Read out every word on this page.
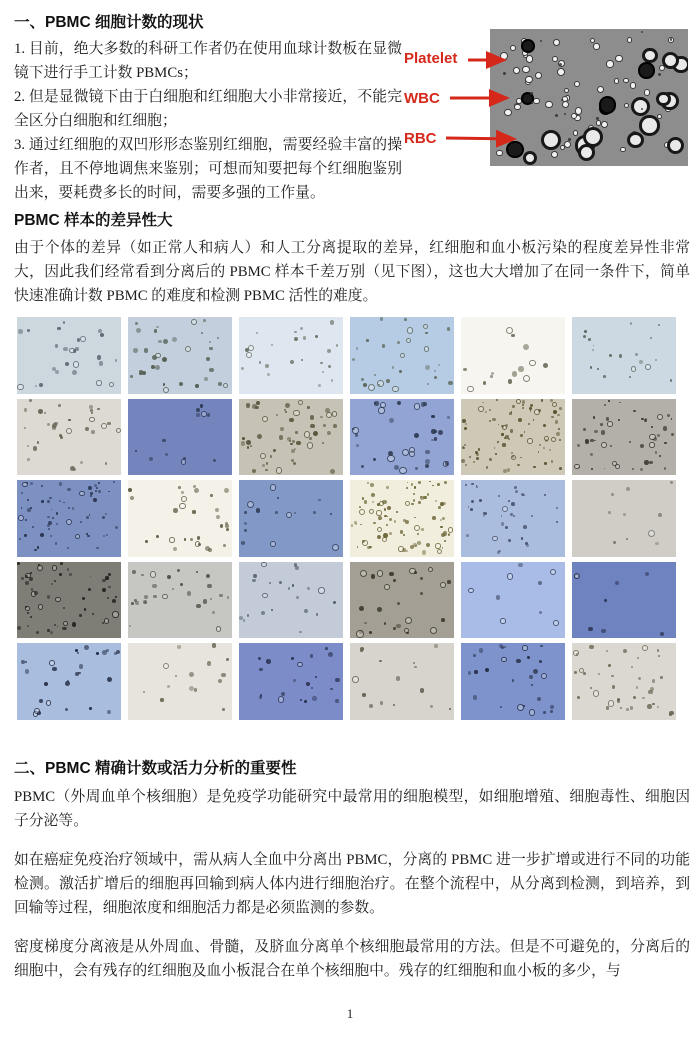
一、PBMC 细胞计数的现状
1. 目前，绝大多数的科研工作者仍在使用血球计数板在显微镜下进行手工计数 PBMCs；
2. 但是显微镜下由于白细胞和红细胞大小非常接近，不能完全区分白细胞和红细胞；
3. 通过红细胞的双凹形形态鉴别红细胞，需要经验丰富的操作者，且不停地调焦来鉴别；可想而知要把每个红细胞鉴别出来，要耗费多长的时间，需要多强的工作量。
Platelet
WBC
RBC
PBMC 样本的差异性大
由于个体的差异（如正常人和病人）和人工分离提取的差异，红细胞和血小板污染的程度差异性非常大，因此我们经常看到分离后的 PBMC 样本千差万别（见下图），这也大大增加了在同一条件下，简单快速准确计数 PBMC 的难度和检测 PBMC 活性的难度。
二、PBMC 精确计数或活力分析的重要性

PBMC（外周血单个核细胞）是免疫学功能研究中最常用的细胞模型，如细胞增殖、细胞毒性、细胞因子分泌等。

如在癌症免疫治疗领域中，需从病人全血中分离出 PBMC，分离的 PBMC 进一步扩增或进行不同的功能检测。激活扩增后的细胞再回输到病人体内进行细胞治疗。在整个流程中，从分离到检测，到培养，到回输等过程，细胞浓度和细胞活力都是必须监测的参数。

密度梯度分离液是从外周血、骨髓，及脐血分离单个核细胞最常用的方法。但是不可避免的，分离后的细胞中，会有残存的红细胞及血小板混合在单个核细胞中。残存的红细胞和血小板的多少，与

1
